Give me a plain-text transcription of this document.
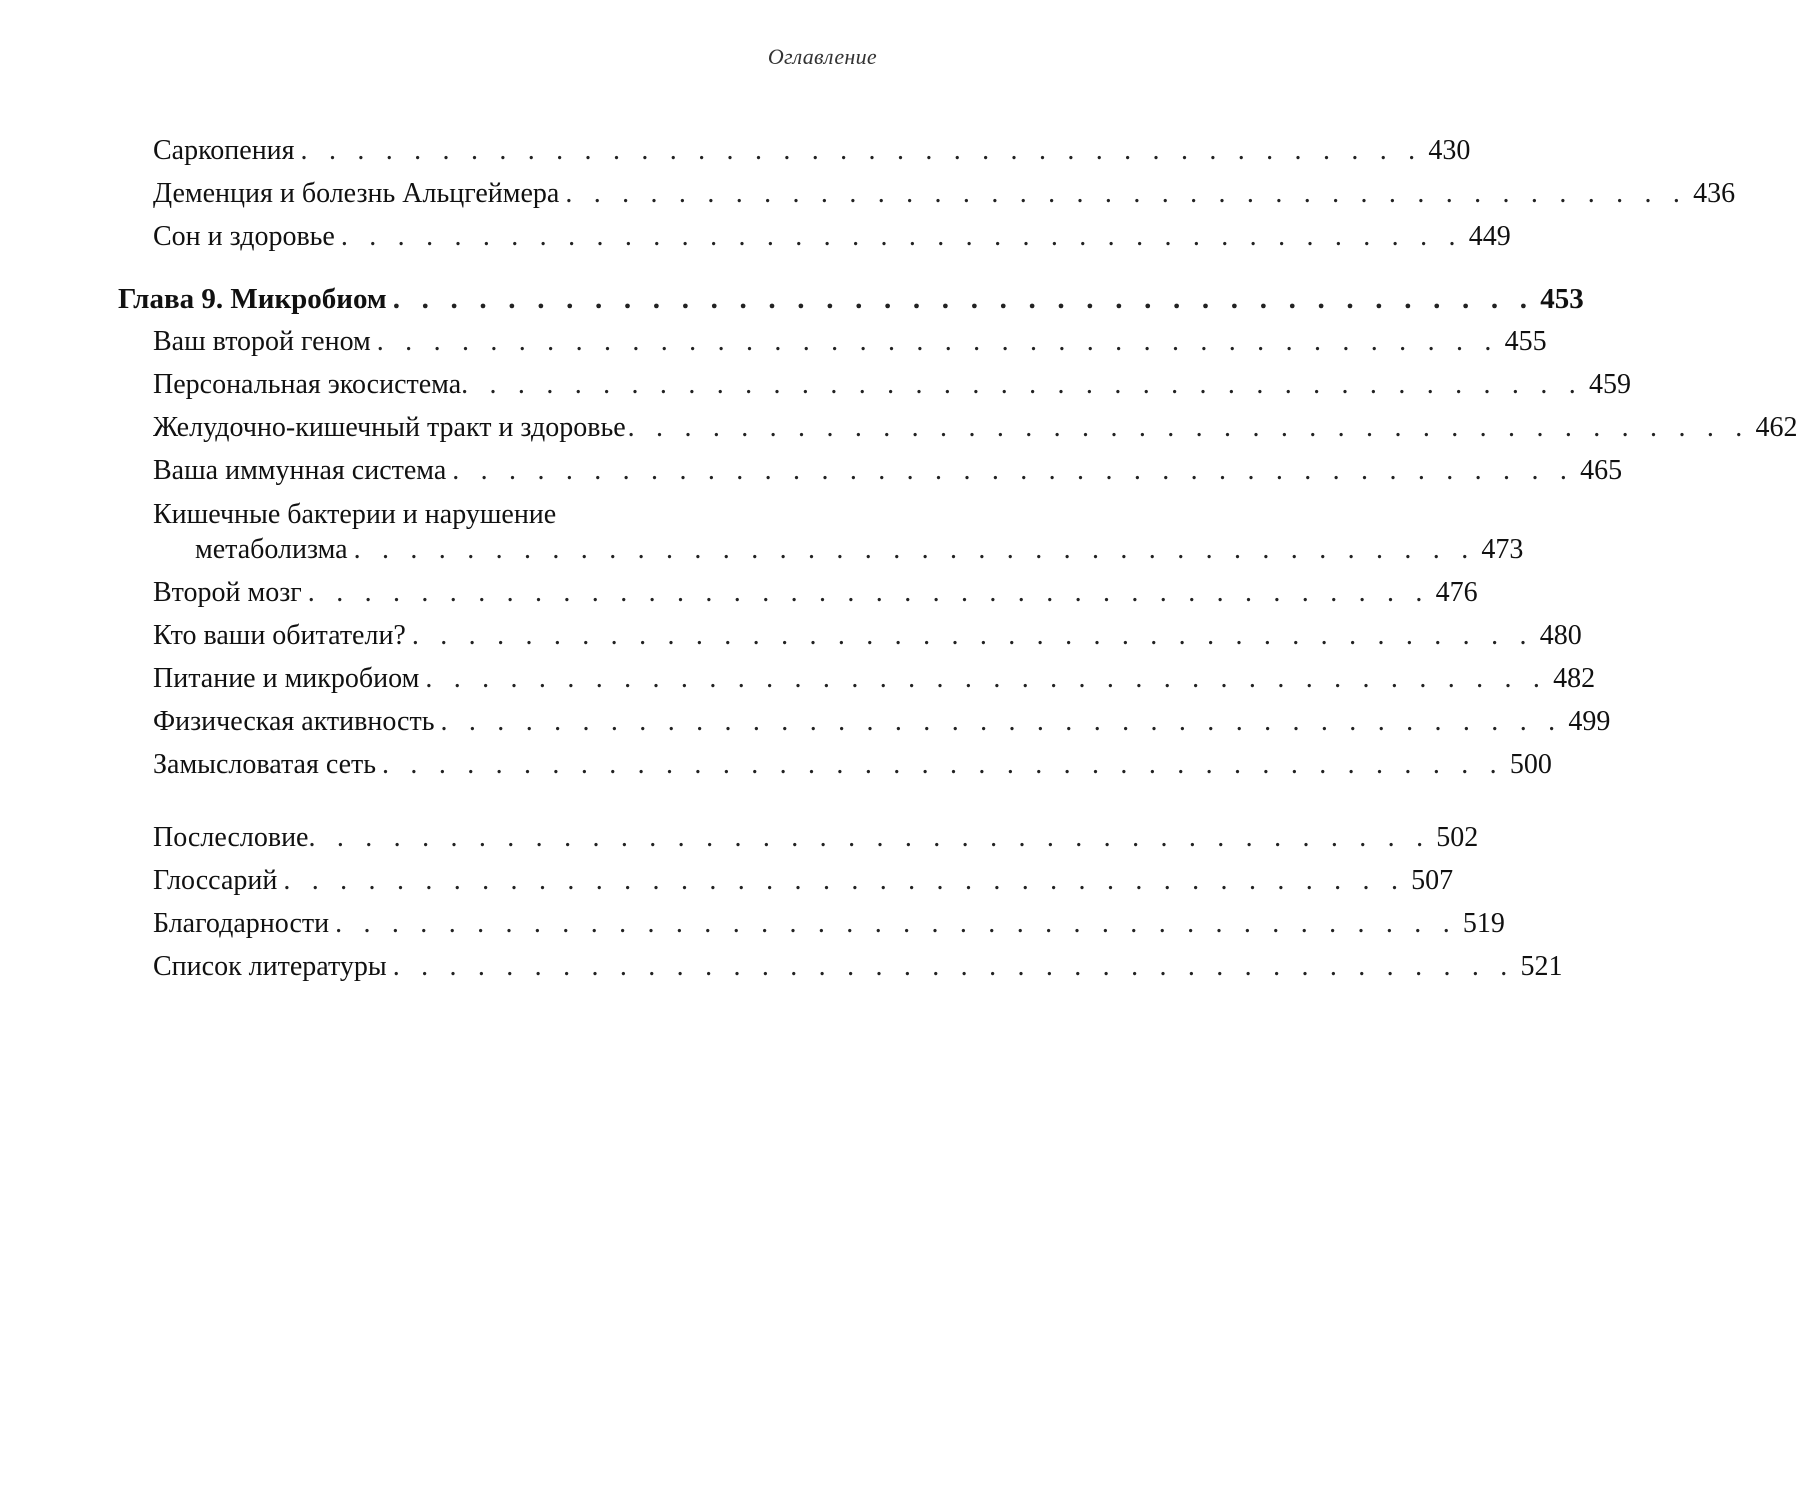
Оглавление
Саркопения . . . . . . . . . . . . . . . . . . . . . . . . . . . . . . . . . . . . . . . . 430
Деменция и болезнь Альцгеймера . . . . . . . . . . . . . . . . . . . . . . . . . . . . . . . . . . . . . . . . 436
Сон и здоровье . . . . . . . . . . . . . . . . . . . . . . . . . . . . . . . . . . . . . . . . 449
Глава 9. Микробиом . . . . . . . . . . . . . . . . . . . . . . . . . . . . . . . . . . . . . . . . 453
Ваш второй геном . . . . . . . . . . . . . . . . . . . . . . . . . . . . . . . . . . . . . . . . 455
Персональная экосистема . . . . . . . . . . . . . . . . . . . . . . . . . . . . . . . . . . . . . . . . 459
Желудочно-кишечный тракт и здоровье . . . . . . . . . . . . . . . . . . . . . . . . . . . . . . . . . . . . . . . . 462
Ваша иммунная система . . . . . . . . . . . . . . . . . . . . . . . . . . . . . . . . . . . . . . . . 465
Кишечные бактерии и нарушение
метаболизма . . . . . . . . . . . . . . . . . . . . . . . . . . . . . . . . . . . . . . . . 473
Второй мозг . . . . . . . . . . . . . . . . . . . . . . . . . . . . . . . . . . . . . . . . 476
Кто ваши обитатели? . . . . . . . . . . . . . . . . . . . . . . . . . . . . . . . . . . . . . . . . 480
Питание и микробиом . . . . . . . . . . . . . . . . . . . . . . . . . . . . . . . . . . . . . . . . 482
Физическая активность . . . . . . . . . . . . . . . . . . . . . . . . . . . . . . . . . . . . . . . . 499
Замысловатая сеть . . . . . . . . . . . . . . . . . . . . . . . . . . . . . . . . . . . . . . . . 500
Послесловие . . . . . . . . . . . . . . . . . . . . . . . . . . . . . . . . . . . . . . . . 502
Глоссарий . . . . . . . . . . . . . . . . . . . . . . . . . . . . . . . . . . . . . . . . 507
Благодарности . . . . . . . . . . . . . . . . . . . . . . . . . . . . . . . . . . . . . . . . 519
Список литературы . . . . . . . . . . . . . . . . . . . . . . . . . . . . . . . . . . . . . . . . 521
